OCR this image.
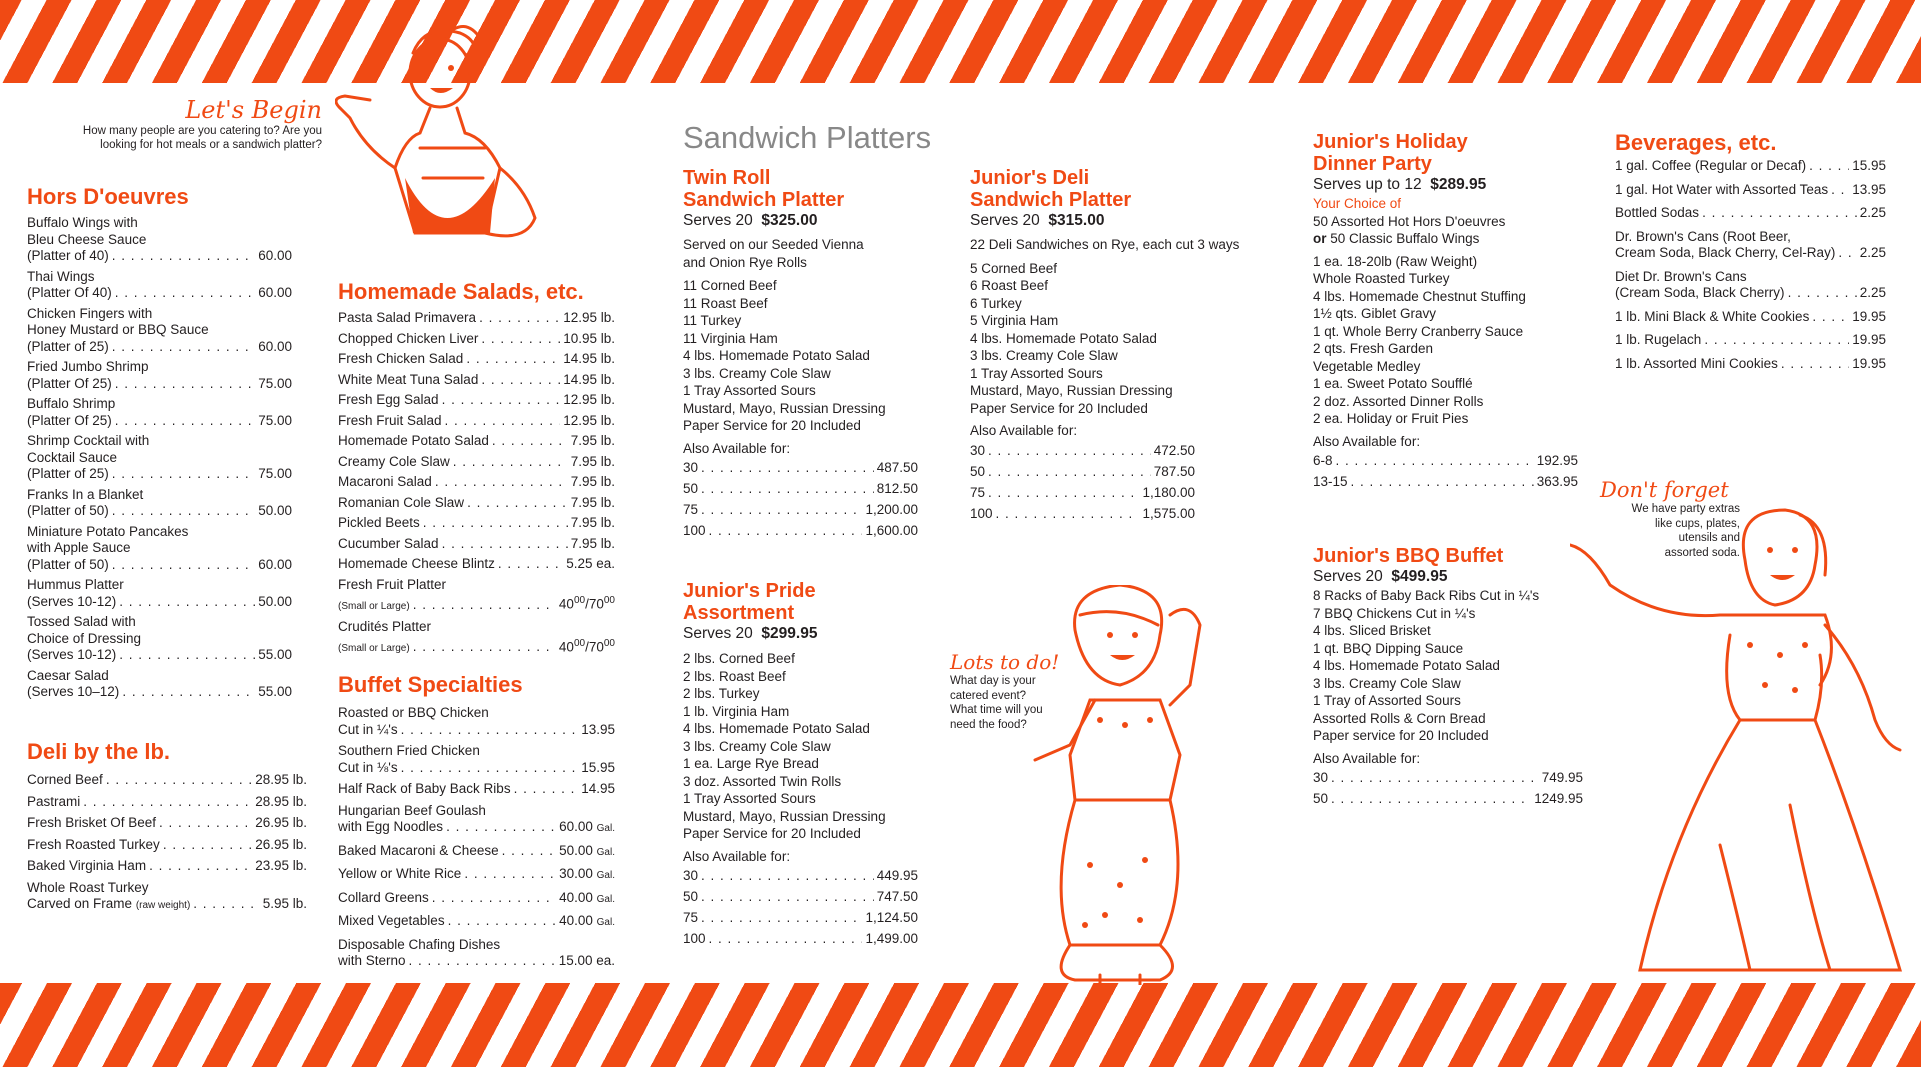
Let's Begin
How many people are you catering to? Are you
looking for hot meals or a sandwich platter?
Hors D'oeuvres
Buffalo Wings with
Bleu Cheese Sauce
(Platter of 40) . . .	60.00
Thai Wings
(Platter Of 40) . . .	60.00
Chicken Fingers with
Honey Mustard or BBQ Sauce
(Platter of 25) . . .	60.00
Fried Jumbo Shrimp
(Platter Of 25) . . .	75.00
Buffalo Shrimp
(Platter Of 25) . . .	75.00
Shrimp Cocktail with
Cocktail Sauce
(Platter of 25) . . .	75.00
Franks In a Blanket
(Platter of 50) . . .	50.00
Miniature Potato Pancakes
with Apple Sauce
(Platter of 50) . . .	60.00
Hummus Platter
(Serves 10-12) . . .	50.00
Tossed Salad with
Choice of Dressing
(Serves 10-12) . . .	55.00
Caesar Salad
(Serves 10–12) . . .	55.00
Deli by the lb.
Corned Beef . . .	28.95 lb.
Pastrami . . .	28.95 lb.
Fresh Brisket Of Beef . . .	26.95 lb.
Fresh Roasted Turkey . . .	26.95 lb.
Baked Virginia Ham . . .	23.95 lb.
Whole Roast Turkey
Carved on Frame (raw weight) . . .	5.95 lb.
Homemade Salads, etc.
Pasta Salad Primavera . . .	12.95 lb.
Chopped Chicken Liver . . .	10.95 lb.
Fresh Chicken Salad . . .	14.95 lb.
White Meat Tuna Salad . . .	14.95 lb.
Fresh Egg Salad . . .	12.95 lb.
Fresh Fruit Salad . . .	12.95 lb.
Homemade Potato Salad . . .	7.95 lb.
Creamy Cole Slaw . . .	7.95 lb.
Macaroni Salad . . .	7.95 lb.
Romanian Cole Slaw . . .	7.95 lb.
Pickled Beets . . .	7.95 lb.
Cucumber Salad . . .	7.95 lb.
Homemade Cheese Blintz . . .	5.25 ea.
Fresh Fruit Platter
(Small or Large) . . .	$40^{00}/70^{00}$
Crudités Platter
(Small or Large) . . .	$40^{00}/70^{00}$
Buffet Specialties
Roasted or BBQ Chicken
Cut in ¼'s . . .	13.95
Southern Fried Chicken
Cut in ⅛'s . . .	15.95
Half Rack of Baby Back Ribs . . .	14.95
Hungarian Beef Goulash
with Egg Noodles . . .	60.00 Gal.
Baked Macaroni & Cheese . . .	50.00 Gal.
Yellow or White Rice . . .	30.00 Gal.
Collard Greens . . .	40.00 Gal.
Mixed Vegetables . . .	40.00 Gal.
Disposable Chafing Dishes
with Sterno . . .	15.00 ea.
Sandwich Platters
Twin Roll
Sandwich Platter
Serves 20 $325.00
Served on our Seeded Vienna
and Onion Rye Rolls
11 Corned Beef
11 Roast Beef
11 Turkey
11 Virginia Ham
4 lbs. Homemade Potato Salad
3 lbs. Creamy Cole Slaw
1 Tray Assorted Sours
Mustard, Mayo, Russian Dressing
Paper Service for 20 Included
Also Available for:
30 . . .	487.50
50 . . .	812.50
75 . . .	1,200.00
100 . . .	1,600.00
Junior's Deli
Sandwich Platter
Serves 20 $315.00
22 Deli Sandwiches on Rye, each cut 3 ways
5 Corned Beef
6 Roast Beef
6 Turkey
5 Virginia Ham
4 lbs. Homemade Potato Salad
3 lbs. Creamy Cole Slaw
1 Tray Assorted Sours
Mustard, Mayo, Russian Dressing
Paper Service for 20 Included
Also Available for:
30 . . .	472.50
50 . . .	787.50
75 . . .	1,180.00
100 . . .	1,575.00
Junior's Pride
Assortment
Serves 20 $299.95
2 lbs. Corned Beef
2 lbs. Roast Beef
2 lbs. Turkey
1 lb. Virginia Ham
4 lbs. Homemade Potato Salad
3 lbs. Creamy Cole Slaw
1 ea. Large Rye Bread
3 doz. Assorted Twin Rolls
1 Tray Assorted Sours
Mustard, Mayo, Russian Dressing
Paper Service for 20 Included
Also Available for:
30 . . .	449.95
50 . . .	747.50
75 . . .	1,124.50
100 . . .	1,499.00
Lots to do!
What day is your
catered event?
What time will you
need the food?
Junior's Holiday
Dinner Party
Serves up to 12 $289.95
Your Choice of
50 Assorted Hot Hors D'oeuvres
or 50 Classic Buffalo Wings
1 ea. 18-20lb (Raw Weight)
Whole Roasted Turkey
4 lbs. Homemade Chestnut Stuffing
1½ qts. Giblet Gravy
1 qt. Whole Berry Cranberry Sauce
2 qts. Fresh Garden
Vegetable Medley
1 ea. Sweet Potato Soufflé
2 doz. Assorted Dinner Rolls
2 ea. Holiday or Fruit Pies
Also Available for:
6-8 . . .	192.95
13-15 . . .	363.95
Junior's BBQ Buffet
Serves 20 $499.95
8 Racks of Baby Back Ribs Cut in ¼'s
7 BBQ Chickens Cut in ¼'s
4 lbs. Sliced Brisket
1 qt. BBQ Dipping Sauce
4 lbs. Homemade Potato Salad
3 lbs. Creamy Cole Slaw
1 Tray of Assorted Sours
Assorted Rolls & Corn Bread
Paper service for 20 Included
Also Available for:
30 . . .	749.95
50 . . .	1249.95
Beverages, etc.
1 gal. Coffee (Regular or Decaf) . . .	15.95
1 gal. Hot Water with Assorted Teas . . . 13.95
Bottled Sodas . . .	2.25
Dr. Brown's Cans (Root Beer,
Cream Soda, Black Cherry, Cel-Ray) . . . 2.25
Diet Dr. Brown's Cans
(Cream Soda, Black Cherry) . . .	2.25
1 lb. Mini Black & White Cookies . . .	19.95
1 lb. Rugelach . . .	19.95
1 lb. Assorted Mini Cookies . . .	19.95
Don't forget
We have party extras
like cups, plates,
utensils and
assorted soda.
